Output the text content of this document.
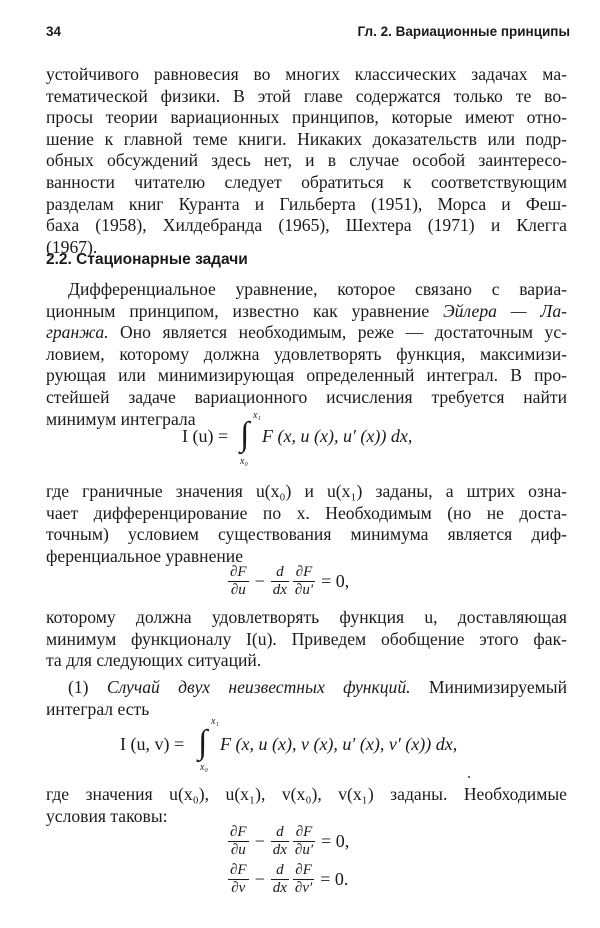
34	Гл. 2. Вариационные принципы
устойчивого равновесия во многих классических задачах ма-
тематической физики. В этой главе содержатся только те во-
просы теории вариационных принципов, которые имеют отно-
шение к главной теме книги. Никаких доказательств или подр-
обных обсуждений здесь нет, и в случае особой заинтересо-
ванности читателю следует обратиться к соответствующим
разделам книг Куранта и Гильберта (1951), Морса и Феш-
баха (1958), Хилдебранда (1965), Шехтера (1971) и Клегга
(1967).
2.2. Стационарные задачи
Дифференциальное уравнение, которое связано с вариа-
ционным принципом, известно как уравнение Эйлера — Ла-
гранжа. Оно является необходимым, реже — достаточным ус-
ловием, которому должна удовлетворять функция, максимизи-
рующая или минимизирующая определенный интеграл. В про-
стейшей задаче вариационного исчисления требуется найти
минимум интеграла
I (u) =
x₁
∫
x₀
F (x, u (x), u′ (x)) dx,
где граничные значения u(x₀) и u(x₁) заданы, а штрих озна-
чает дифференцирование по x. Необходимым (но не доста-
точным) условием существования минимума является диф-
ференциальное уравнение
$\frac{\partial F}{\partial u} - \frac{d}{dx} \frac{\partial F}{\partial u'} = 0$,
которому должна удовлетворять функция u, доставляющая
минимум функционалу I(u). Приведем обобщение этого фак-
та для следующих ситуаций.
(1) Случай двух неизвестных функций. Минимизируемый
интеграл есть
I (u, v) =
x₁
∫
x₀
F (x, u (x), v (x), u′ (x), v′ (x)) dx,
где значения u(x₀), u(x₁), v(x₀), v(x₁) заданы. Необходимые
условия таковы:
$\frac{\partial F}{\partial u} - \frac{d}{dx} \frac{\partial F}{\partial u'} = 0$,
$\frac{\partial F}{\partial v} - \frac{d}{dx} \frac{\partial F}{\partial v'} = 0$.
